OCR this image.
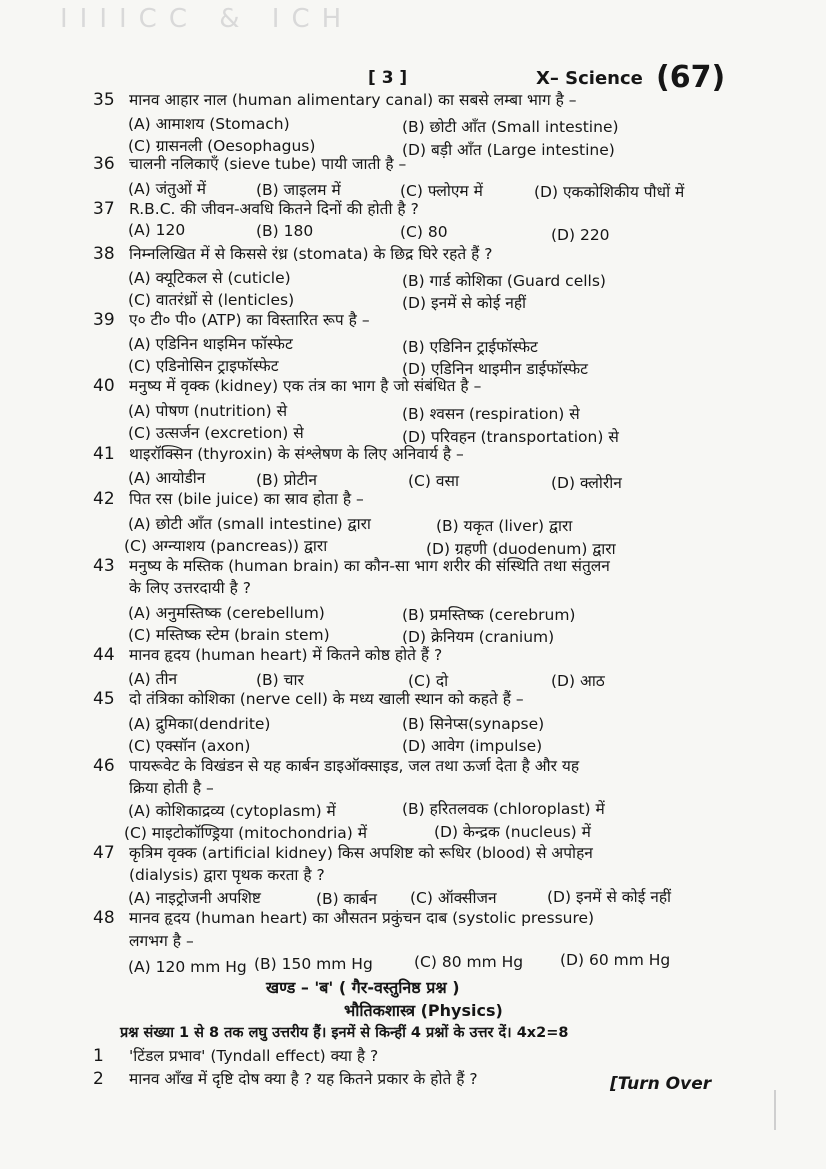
IIIICC & ICH
[ 3 ]	X– Science (67)
35 मानव आहार नाल (human alimentary canal) का सबसे लम्बा भाग है –
(A) आमाशय (Stomach)	(B) छोटी आँत (Small intestine)
(C) ग्रासनली (Oesophagus)	(D) बड़ी आँत (Large intestine)
36 चालनी नलिकाएँ (sieve tube) पायी जाती है –
(A) जंतुओं में	(B) जाइलम में	(C) फ्लोएम में	(D) एककोशिकीय पौधों में
37 R.B.C. की जीवन-अवधि कितने दिनों की होती है ?
(A) 120	(B) 180	(C) 80	(D) 220
38 निम्नलिखित में से किससे रंध्र (stomata) के छिद्र घिरे रहते हैं ?
(A) क्यूटिकल से (cuticle)	(B) गार्ड कोशिका (Guard cells)
(C) वातरंध्रों से (lenticles)	(D) इनमें से कोई नहीं
39 ए० टी० पी० (ATP) का विस्तारित रूप है –
(A) एडिनिन थाइमिन फॉस्फेट	(B) एडिनिन ट्राईफॉस्फेट
(C) एडिनोसिन ट्राइफॉस्फेट	(D) एडिनिन थाइमीन डाईफॉस्फेट
40 मनुष्य में वृक्क (kidney) एक तंत्र का भाग है जो संबंधित है –
(A) पोषण (nutrition) से	(B) श्वसन (respiration) से
(C) उत्सर्जन (excretion) से	(D) परिवहन (transportation) से
41 थाइरॉक्सिन (thyroxin) के संश्लेषण के लिए अनिवार्य है –
(A) आयोडीन	(B) प्रोटीन	(C) वसा	(D) क्लोरीन
42 पित रस (bile juice) का स्राव होता है –
(A) छोटी आँत (small intestine) द्वारा	(B) यकृत (liver) द्वारा
(C) अग्न्याशय (pancreas)) द्वारा	(D) ग्रहणी (duodenum) द्वारा
43 मनुष्य के मस्तिक (human brain) का कौन-सा भाग शरीर की संस्थिति तथा संतुलन
के लिए उत्तरदायी है ?
(A) अनुमस्तिष्क (cerebellum)	(B) प्रमस्तिष्क (cerebrum)
(C) मस्तिष्क स्टेम (brain stem)	(D) क्रेनियम (cranium)
44 मानव हृदय (human heart) में कितने कोष्ठ होते हैं ?
(A) तीन	(B) चार	(C) दो	(D) आठ
45 दो तंत्रिका कोशिका (nerve cell) के मध्य खाली स्थान को कहते हैं –
(A) द्रुमिका(dendrite)	(B) सिनेप्स(synapse)
(C) एक्सॉन (axon)	(D) आवेग (impulse)
46 पायरूवेट के विखंडन से यह कार्बन डाइऑक्साइड, जल तथा ऊर्जा देता है और यह
क्रिया होती है –
(A) कोशिकाद्रव्य (cytoplasm) में	(B) हरितलवक (chloroplast) में
(C) माइटोकॉण्ड्रिया (mitochondria) में	(D) केन्द्रक (nucleus) में
47 कृत्रिम वृक्क (artificial kidney) किस अपशिष्ट को रूधिर (blood) से अपोहन
(dialysis) द्वारा पृथक करता है ?
(A) नाइट्रोजनी अपशिष्ट	(B) कार्बन (C) ऑक्सीजन	(D) इनमें से कोई नहीं
48 मानव हृदय (human heart) का औसतन प्रकुंचन दाब (systolic pressure)
लगभग है –
(A) 120 mm Hg (B) 150 mm Hg	(C) 80 mm Hg (D) 60 mm Hg
खण्ड – 'ब' ( गैर-वस्तुनिष्ठ प्रश्न )
भौतिकशास्त्र (Physics)
प्रश्न संख्या 1 से 8 तक लघु उत्तरीय हैं। इनमें से किन्हीं 4 प्रश्नों के उत्तर दें। 4x2=8
1	'टिंडल प्रभाव' (Tyndall effect) क्या है ?
2	मानव आँख में दृष्टि दोष क्या है ? यह कितने प्रकार के होते हैं ?	[Turn Over
